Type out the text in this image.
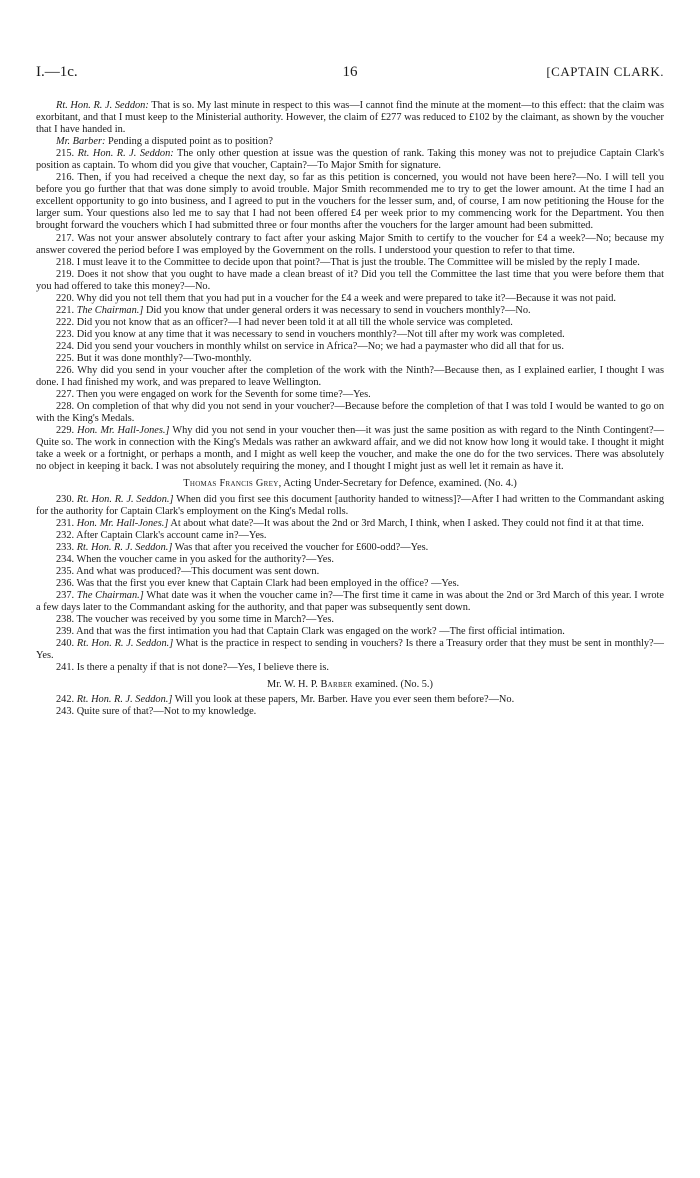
I.—1c.	16	[CAPTAIN CLARK.

Rt. Hon. R. J. Seddon: That is so. My last minute in respect to this was—I cannot find the minute at the moment—to this effect: that the claim was exorbitant, and that I must keep to the Ministerial authority. However, the claim of £277 was reduced to £102 by the claimant, as shown by the voucher that I have handed in.

Mr. Barber: Pending a disputed point as to position?

215. Rt. Hon. R. J. Seddon: The only other question at issue was the question of rank. Taking this money was not to prejudice Captain Clark's position as captain. To whom did you give that voucher, Captain?—To Major Smith for signature.

216. Then, if you had received a cheque the next day, so far as this petition is concerned, you would not have been here?—No. I will tell you before you go further that that was done simply to avoid trouble. Major Smith recommended me to try to get the lower amount. At the time I had an excellent opportunity to go into business, and I agreed to put in the vouchers for the lesser sum, and, of course, I am now petitioning the House for the larger sum. Your questions also led me to say that I had not been offered £4 per week prior to my commencing work for the Department. You then brought forward the vouchers which I had submitted three or four months after the vouchers for the larger amount had been submitted.

217. Was not your answer absolutely contrary to fact after your asking Major Smith to certify to the voucher for £4 a week?—No; because my answer covered the period before I was employed by the Government on the rolls. I understood your question to refer to that time.

218. I must leave it to the Committee to decide upon that point?—That is just the trouble. The Committee will be misled by the reply I made.

219. Does it not show that you ought to have made a clean breast of it? Did you tell the Committee the last time that you were before them that you had offered to take this money?—No.

220. Why did you not tell them that you had put in a voucher for the £4 a week and were prepared to take it?—Because it was not paid.

221. The Chairman.] Did you know that under general orders it was necessary to send in vouchers monthly?—No.

222. Did you not know that as an officer?—I had never been told it at all till the whole service was completed.

223. Did you know at any time that it was necessary to send in vouchers monthly?—Not till after my work was completed.

224. Did you send your vouchers in monthly whilst on service in Africa?—No; we had a paymaster who did all that for us.

225. But it was done monthly?—Two-monthly.

226. Why did you send in your voucher after the completion of the work with the Ninth?—Because then, as I explained earlier, I thought I was done. I had finished my work, and was prepared to leave Wellington.

227. Then you were engaged on work for the Seventh for some time?—Yes.

228. On completion of that why did you not send in your voucher?—Because before the completion of that I was told I would be wanted to go on with the King's Medals.

229. Hon. Mr. Hall-Jones.] Why did you not send in your voucher then—it was just the same position as with regard to the Ninth Contingent?—Quite so. The work in connection with the King's Medals was rather an awkward affair, and we did not know how long it would take. I thought it might take a week or a fortnight, or perhaps a month, and I might as well keep the voucher, and make the one do for the two services. There was absolutely no object in keeping it back. I was not absolutely requiring the money, and I thought I might just as well let it remain as have it.

Thomas Francis Grey, Acting Under-Secretary for Defence, examined. (No. 4.)

230. Rt. Hon. R. J. Seddon.] When did you first see this document [authority handed to witness]?—After I had written to the Commandant asking for the authority for Captain Clark's employment on the King's Medal rolls.

231. Hon. Mr. Hall-Jones.] At about what date?—It was about the 2nd or 3rd March, I think, when I asked. They could not find it at that time.

232. After Captain Clark's account came in?—Yes.

233. Rt. Hon. R. J. Seddon.] Was that after you received the voucher for £600-odd?—Yes.

234. When the voucher came in you asked for the authority?—Yes.

235. And what was produced?—This document was sent down.

236. Was that the first you ever knew that Captain Clark had been employed in the office? —Yes.

237. The Chairman.] What date was it when the voucher came in?—The first time it came in was about the 2nd or 3rd March of this year. I wrote a few days later to the Commandant asking for the authority, and that paper was subsequently sent down.

238. The voucher was received by you some time in March?—Yes.

239. And that was the first intimation you had that Captain Clark was engaged on the work? —The first official intimation.

240. Rt. Hon. R. J. Seddon.] What is the practice in respect to sending in vouchers? Is there a Treasury order that they must be sent in monthly?—Yes.

241. Is there a penalty if that is not done?—Yes, I believe there is.

Mr. W. H. P. Barber examined. (No. 5.)

242. Rt. Hon. R. J. Seddon.] Will you look at these papers, Mr. Barber. Have you ever seen them before?—No.

243. Quite sure of that?—Not to my knowledge.
